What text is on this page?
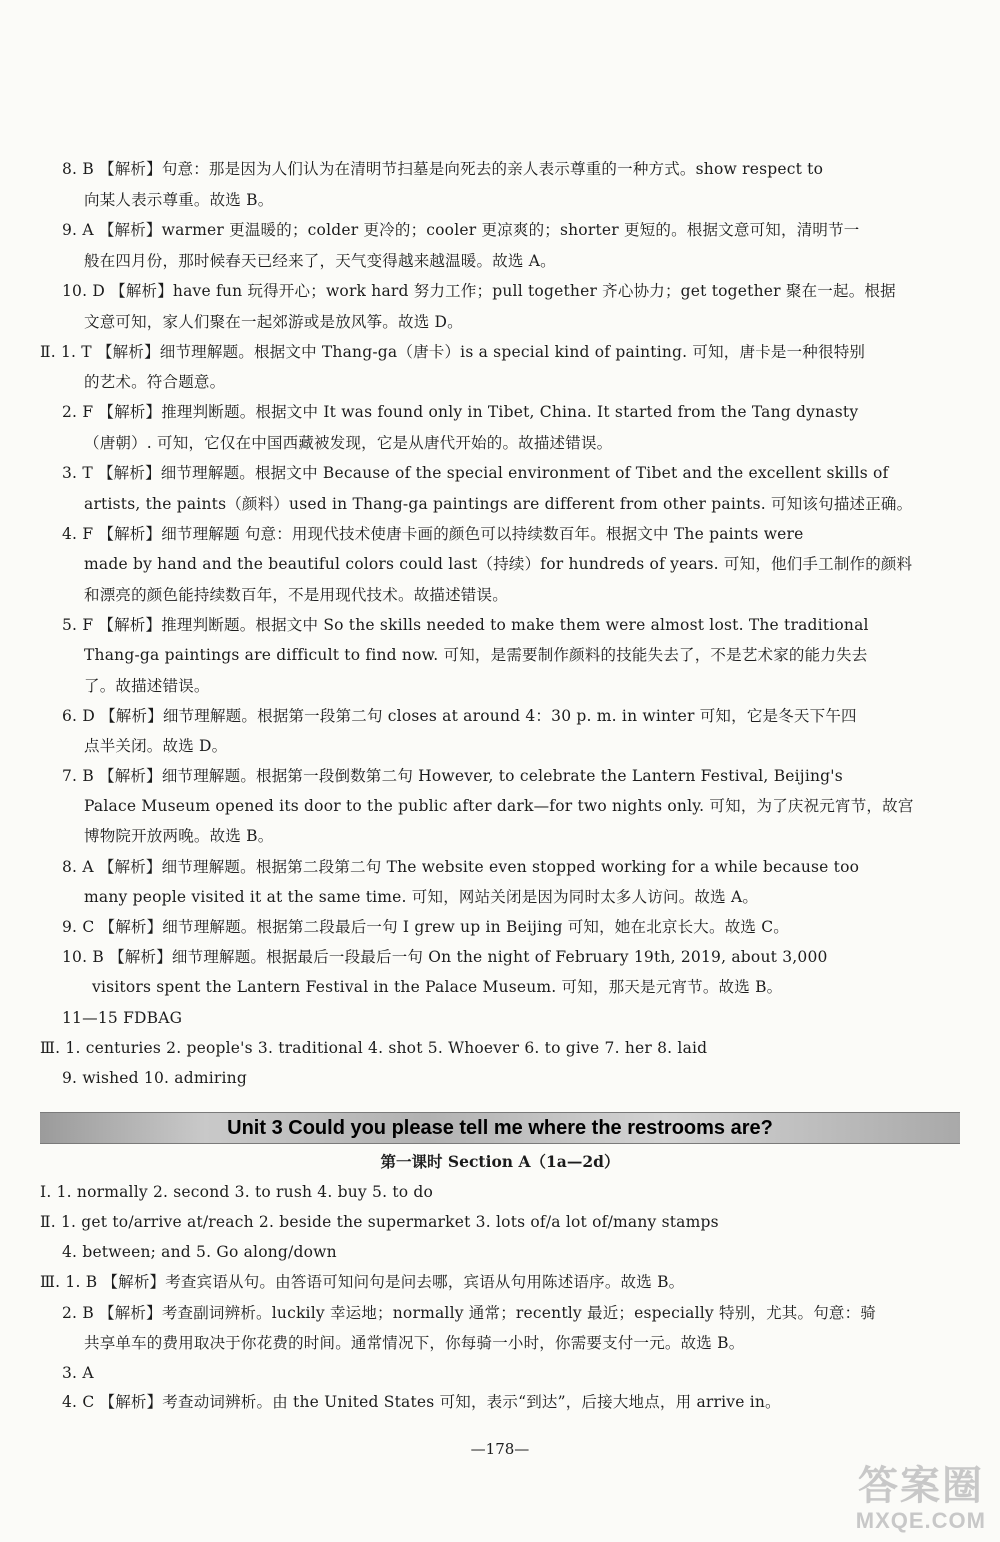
8. B 【解析】句意：那是因为人们认为在清明节扫墓是向死去的亲人表示尊重的一种方式。show respect to
向某人表示尊重。故选 B。
9. A 【解析】warmer 更温暖的；colder 更冷的；cooler 更凉爽的；shorter 更短的。根据文意可知，清明节一
般在四月份，那时候春天已经来了，天气变得越来越温暖。故选 A。
10. D 【解析】have fun 玩得开心；work hard 努力工作；pull together 齐心协力；get together 聚在一起。根据
文意可知，家人们聚在一起郊游或是放风筝。故选 D。
Ⅱ. 1. T 【解析】细节理解题。根据文中 Thang-ga（唐卡）is a special kind of painting. 可知，唐卡是一种很特别
的艺术。符合题意。
2. F 【解析】推理判断题。根据文中 It was found only in Tibet, China. It started from the Tang dynasty
（唐朝）. 可知，它仅在中国西藏被发现，它是从唐代开始的。故描述错误。
3. T 【解析】细节理解题。根据文中 Because of the special environment of Tibet and the excellent skills of
artists, the paints（颜料）used in Thang-ga paintings are different from other paints. 可知该句描述正确。
4. F 【解析】细节理解题 句意：用现代技术使唐卡画的颜色可以持续数百年。根据文中 The paints were
made by hand and the beautiful colors could last（持续）for hundreds of years. 可知，他们手工制作的颜料
和漂亮的颜色能持续数百年，不是用现代技术。故描述错误。
5. F 【解析】推理判断题。根据文中 So the skills needed to make them were almost lost. The traditional
Thang-ga paintings are difficult to find now. 可知，是需要制作颜料的技能失去了，不是艺术家的能力失去
了。故描述错误。
6. D 【解析】细节理解题。根据第一段第二句 closes at around 4：30 p. m. in winter 可知，它是冬天下午四
点半关闭。故选 D。
7. B 【解析】细节理解题。根据第一段倒数第二句 However, to celebrate the Lantern Festival, Beijing's
Palace Museum opened its door to the public after dark—for two nights only. 可知，为了庆祝元宵节，故宫
博物院开放两晚。故选 B。
8. A 【解析】细节理解题。根据第二段第二句 The website even stopped working for a while because too
many people visited it at the same time. 可知，网站关闭是因为同时太多人访问。故选 A。
9. C 【解析】细节理解题。根据第二段最后一句 I grew up in Beijing 可知，她在北京长大。故选 C。
10. B 【解析】细节理解题。根据最后一段最后一句 On the night of February 19th, 2019, about 3,000
visitors spent the Lantern Festival in the Palace Museum. 可知，那天是元宵节。故选 B。
11—15 FDBAG
Ⅲ. 1. centuries 2. people's 3. traditional 4. shot 5. Whoever 6. to give 7. her 8. laid
9. wished 10. admiring
Unit 3 Could you please tell me where the restrooms are?
第一课时 Section A（1a—2d）
Ⅰ. 1. normally 2. second 3. to rush 4. buy 5. to do
Ⅱ. 1. get to/arrive at/reach 2. beside the supermarket 3. lots of/a lot of/many stamps
4. between; and 5. Go along/down
Ⅲ. 1. B 【解析】考查宾语从句。由答语可知问句是问去哪，宾语从句用陈述语序。故选 B。
2. B 【解析】考查副词辨析。luckily 幸运地；normally 通常；recently 最近；especially 特别，尤其。句意：骑
共享单车的费用取决于你花费的时间。通常情况下，你每骑一小时，你需要支付一元。故选 B。
3. A
4. C 【解析】考查动词辨析。由 the United States 可知，表示“到达”，后接大地点，用 arrive in。
—178—
答案圈
MXQE.COM
